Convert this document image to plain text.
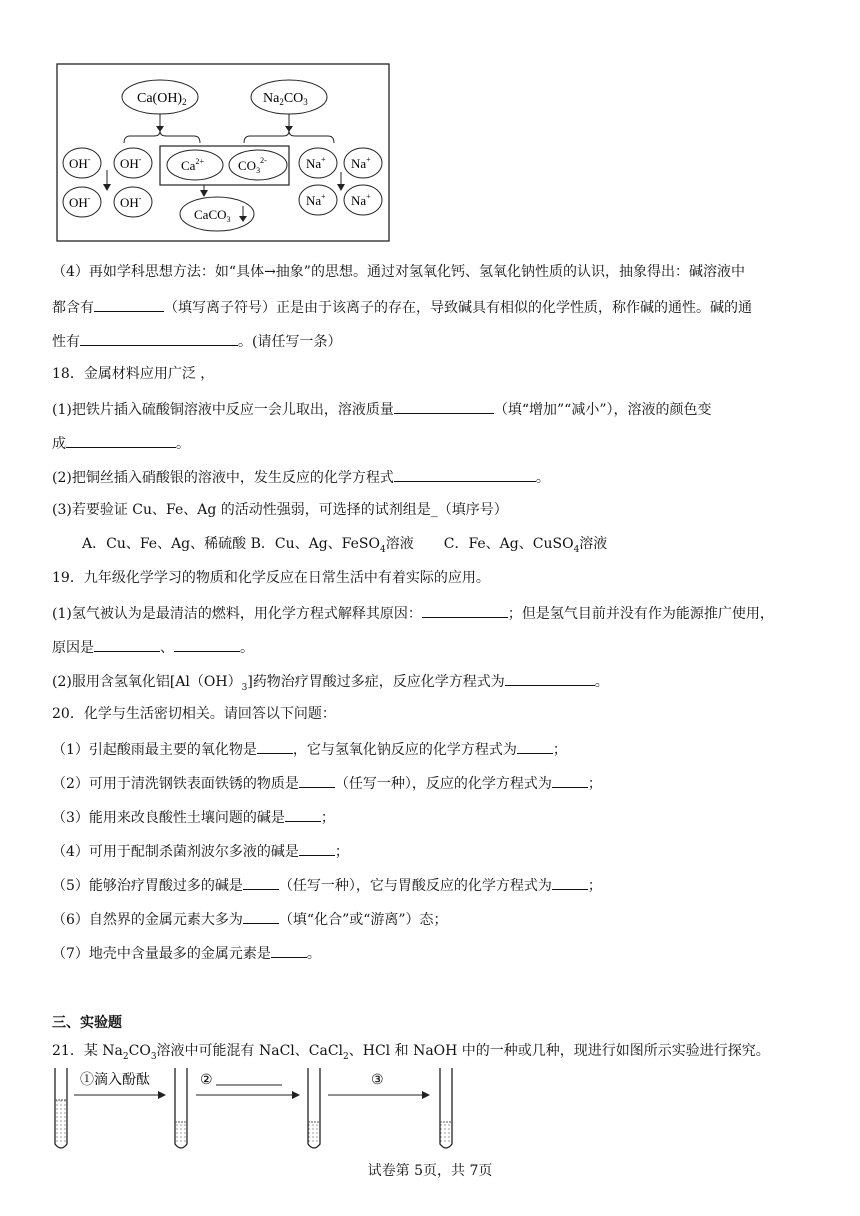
$Ca(OH)_2$	$Na_2CO_3$
OH- OH-
OH- OH-
$Ca^{2+}$	$CO_3^{2-}$
CaCO$_3$
Na+ Na+
Na+ Na+
（4）再如学科思想方法：如“具体→抽象”的思想。通过对氢氧化钙、氢氧化钠性质的认识，抽象得出：碱溶液中
都含有	（填写离子符号）正是由于该离子的存在，导致碱具有相似的化学性质，称作碱的通性。碱的通
性有	。(请任写一条）
18．金属材料应用广泛 ，
(1)把铁片插入硫酸铜溶液中反应一会儿取出，溶液质量	（填“增加”“减小”），溶液的颜色变
成	。
(2)把铜丝插入硝酸银的溶液中，发生反应的化学方程式	。
(3)若要验证 Cu、Fe、Ag 的活动性强弱，可选择的试剂组是_（填序号）
A．Cu、Fe、Ag、稀硫酸 B．Cu、Ag、FeSO$_4$溶液 C．Fe、Ag、CuSO$_4$溶液
19．九年级化学学习的物质和化学反应在日常生活中有着实际的应用。
(1)氢气被认为是最清洁的燃料，用化学方程式解释其原因：	；但是氢气目前并没有作为能源推广使用，
原因是	、	。
(2)服用含氢氧化铝$[Al(OH)_3]$药物治疗胃酸过多症，反应化学方程式为	。
20．化学与生活密切相关。请回答以下问题：
（1）引起酸雨最主要的氧化物是	，它与氢氧化钠反应的化学方程式为	；
（2）可用于清洗钢铁表面铁锈的物质是	（任写一种），反应的化学方程式为	；
（3）能用来改良酸性土壤问题的碱是	；
（4）可用于配制杀菌剂波尔多液的碱是	；
（5）能够治疗胃酸过多的碱是	（任写一种），它与胃酸反应的化学方程式为	；
（6）自然界的金属元素大多为	（填“化合”或“游离”）态；
（7）地壳中含量最多的金属元素是	。
三、实验题
21．某 $Na_2CO_3$溶液中可能混有 NaCl、CaCl$_2$、HCl 和 NaOH 中的一种或几种，现进行如图所示实验进行探究。
①滴入酚酞	②	③
试卷第 5页，共 7页
